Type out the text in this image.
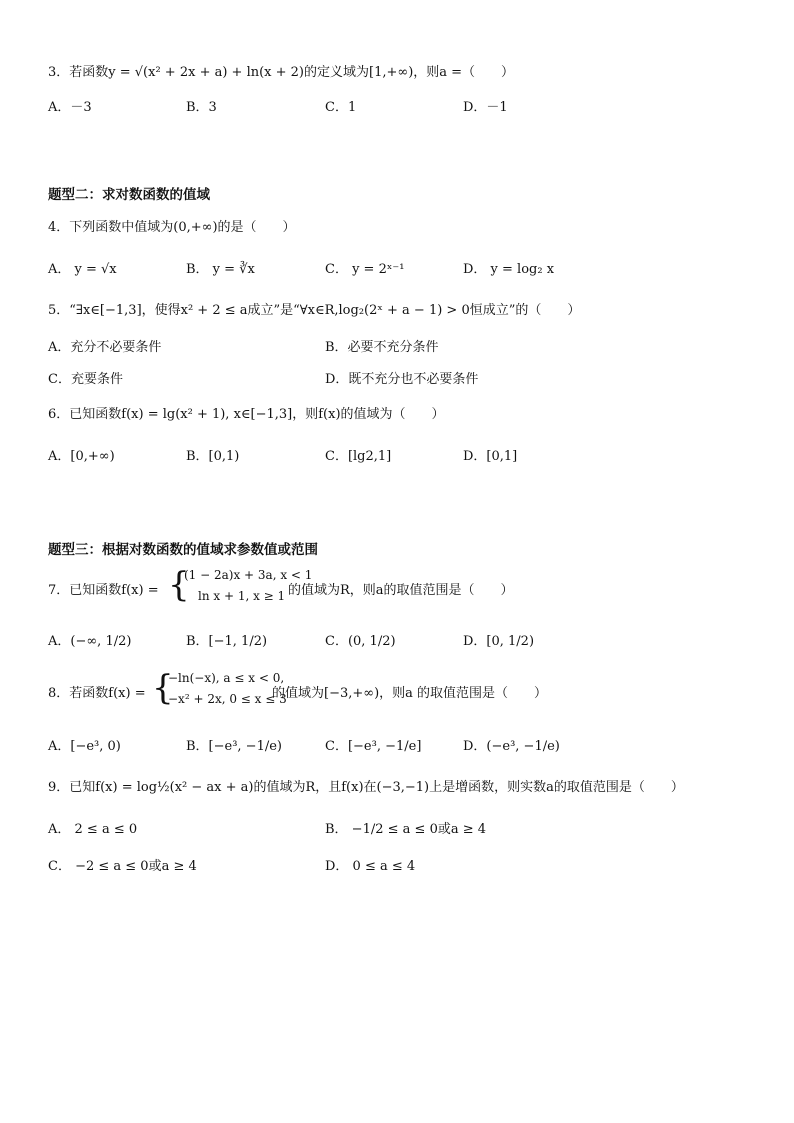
3．若函数y = √(x² + 2x + a) + ln(x + 2)的定义域为[1,+∞)，则a =（　　）
A．－3	B．3	C．1	D．－1
题型二：求对数函数的值域
4．下列函数中值域为(0,+∞)的是（　　）
A． y = √x	B． y = ∛x	C． y = 2ˣ⁻¹	D． y = log₂ x
5．“∃x∈[−1,3]，使得x² + 2 ≤ a成立”是“∀x∈R,log₂(2ˣ + a − 1) > 0恒成立”的（　　）
A．充分不必要条件	B．必要不充分条件
C．充要条件	D．既不充分也不必要条件
6．已知函数f(x) = lg(x² + 1), x∈[−1,3]，则f(x)的值域为（　　）
A．[0,+∞)	B．[0,1)	C．[lg2,1]	D．[0,1]
题型三：根据对数函数的值域求参数值或范围
7．已知函数f(x) = {
(1 − 2a)x + 3a, x < 1
ln x + 1, x ≥ 1 的值域为R，则a的取值范围是（　　）
A．(−∞, 1/2)	B．[−1, 1/2)	C．(0, 1/2)	D．[0, 1/2)
8．若函数f(x) = {
−ln(−x), a ≤ x < 0,
−x² + 2x, 0 ≤ x ≤ 3
的值域为[−3,+∞)，则a 的取值范围是（　　）
A．[−e³, 0)	B．[−e³, −1/e)	C．[−e³, −1/e]	D．(−e³, −1/e)
9．已知f(x) = log½(x² − ax + a)的值域为R，且f(x)在(−3,−1)上是增函数，则实数a的取值范围是（　　）
A． 2 ≤ a ≤ 0	B． −1/2 ≤ a ≤ 0或a ≥ 4
C． −2 ≤ a ≤ 0或a ≥ 4	D． 0 ≤ a ≤ 4
